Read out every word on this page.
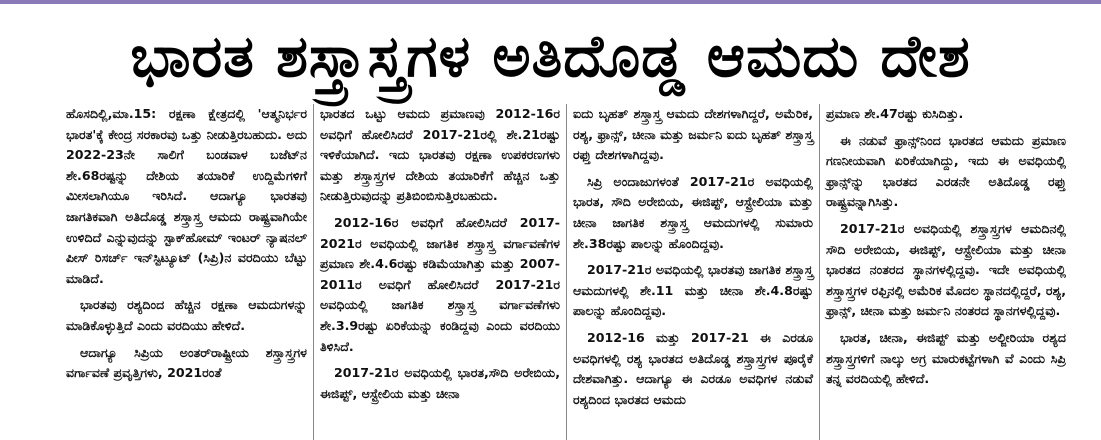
ಭಾರತ ಶಸ್ತ್ರಾಸ್ತ್ರಗಳ ಅತಿದೊಡ್ಡ ಆಮದು ದೇಶ

ಹೊಸದಿಲ್ಲಿ,ಮಾ.15: ರಕ್ಷಣಾ ಕ್ಷೇತ್ರದಲ್ಲಿ 'ಆತ್ಮನಿರ್ಭರ ಭಾರತ'ಕ್ಕೆ ಕೇಂದ್ರ ಸರಕಾರವು ಒತ್ತು ನೀಡುತ್ತಿರಬಹುದು. ಅದು 2022-23ನೇ ಸಾಲಿಗೆ ಬಂಡವಾಳ ಬಜೆಟ್‌ನ ಶೇ.68ರಷ್ಟನ್ನು ದೇಶಿಯ ತಯಾರಿಕೆ ಉದ್ದಿಮೆಗಳಿಗೆ ಮೀಸಲಾಗಿಯೂ ಇರಿಸಿದೆ. ಆದಾಗ್ಯೂ ಭಾರತವು ಜಾಗತಿಕವಾಗಿ ಅತಿದೊಡ್ಡ ಶಸ್ತ್ರಾಸ್ತ್ರ ಆಮದು ರಾಷ್ಟ್ರವಾಗಿಯೇ ಉಳಿದಿದೆ ಎನ್ನುವುದನ್ನು ಸ್ಟಾಕ್‌ಹೋಮ್ ಇಂಟರ್ ನ್ಯಾಷನಲ್ ಪೀಸ್ ರಿಸರ್ಚ್ ಇನ್‌ಸ್ಟಿಟ್ಯೂಟ್ (ಸಿಪ್ರಿ)ನ ವರದಿಯು ಬೆಟ್ಟು ಮಾಡಿದೆ.

ಭಾರತವು ರಶ್ಯದಿಂದ ಹೆಚ್ಚಿನ ರಕ್ಷಣಾ ಆಮದುಗಳನ್ನು ಮಾಡಿಕೊಳ್ಳುತ್ತಿದೆ ಎಂದು ವರದಿಯು ಹೇಳಿದೆ.

ಆದಾಗ್ಯೂ ಸಿಪ್ರಿಯ ಅಂತರ್‌ರಾಷ್ಟ್ರೀಯ ಶಸ್ತ್ರಾಸ್ತ್ರಗಳ ವರ್ಗಾವಣೆ ಪ್ರವೃತ್ತಿಗಳು, 2021ರಂತೆ

ಭಾರತದ ಒಟ್ಟು ಆಮದು ಪ್ರಮಾಣವು 2012-16ರ ಅವಧಿಗೆ ಹೋಲಿಸಿದರೆ 2017-21ರಲ್ಲಿ ಶೇ.21ರಷ್ಟು ಇಳಿಕೆಯಾಗಿದೆ. ಇದು ಭಾರತವು ರಕ್ಷಣಾ ಉಪಕರಣಗಳು ಮತ್ತು ಶಸ್ತ್ರಾಸ್ತ್ರಗಳ ದೇಶಿಯ ತಯಾರಿಕೆಗೆ ಹೆಚ್ಚಿನ ಒತ್ತು ನೀಡುತ್ತಿರುವುದನ್ನು ಪ್ರತಿಬಿಂಬಿಸುತ್ತಿರಬಹುದು.

2012-16ರ ಅವಧಿಗೆ ಹೋಲಿಸಿದರೆ 2017-2021ರ ಅವಧಿಯಲ್ಲಿ ಜಾಗತಿಕ ಶಸ್ತ್ರಾಸ್ತ್ರ ವರ್ಗಾವಣೆಗಳ ಪ್ರಮಾಣ ಶೇ.4.6ರಷ್ಟು ಕಡಿಮೆಯಾಗಿತ್ತು ಮತ್ತು 2007-2011ರ ಅವಧಿಗೆ ಹೋಲಿಸಿದರೆ 2017-21ರ ಅವಧಿಯಲ್ಲಿ ಜಾಗತಿಕ ಶಸ್ತ್ರಾಸ್ತ್ರ ವರ್ಗಾವಣೆಗಳು ಶೇ.3.9ರಷ್ಟು ಏರಿಕೆಯನ್ನು ಕಂಡಿದ್ದವು ಎಂದು ವರದಿಯು ತಿಳಿಸಿದೆ.

2017-21ರ ಅವಧಿಯಲ್ಲಿ ಭಾರತ,ಸೌದಿ ಅರೇಬಿಯ, ಈಜಿಪ್ಟ್, ಆಸ್ಟ್ರೇಲಿಯ ಮತ್ತು ಚೀನಾ

ಐದು ಬೃಹತ್ ಶಸ್ತ್ರಾಸ್ತ್ರ ಆಮದು ದೇಶಗಳಾಗಿದ್ದರೆ, ಅಮೆರಿಕ, ರಶ್ಯ, ಫ್ರಾನ್ಸ್, ಚೀನಾ ಮತ್ತು ಜರ್ಮನಿ ಐದು ಬೃಹತ್ ಶಸ್ತ್ರಾಸ್ತ್ರ ರಫ್ತು ದೇಶಗಳಾಗಿದ್ದವು.

ಸಿಪ್ರಿ ಅಂದಾಜುಗಳಂತೆ 2017-21ರ ಅವಧಿಯಲ್ಲಿ ಭಾರತ, ಸೌದಿ ಅರೇಬಿಯ, ಈಜಿಪ್ಟ್, ಆಸ್ಟ್ರೇಲಿಯಾ ಮತ್ತು ಚೀನಾ ಜಾಗತಿಕ ಶಸ್ತ್ರಾಸ್ತ್ರ ಆಮದುಗಳಲ್ಲಿ ಸುಮಾರು ಶೇ.38ರಷ್ಟು ಪಾಲನ್ನು ಹೊಂದಿದ್ದವು.

2017-21ರ ಅವಧಿಯಲ್ಲಿ ಭಾರತವು ಜಾಗತಿಕ ಶಸ್ತ್ರಾಸ್ತ್ರ ಆಮದುಗಳಲ್ಲಿ ಶೇ.11 ಮತ್ತು ಚೀನಾ ಶೇ.4.8ರಷ್ಟು ಪಾಲನ್ನು ಹೊಂದಿದ್ದವು.

2012-16 ಮತ್ತು 2017-21 ಈ ಎರಡೂ ಅವಧಿಗಳಲ್ಲಿ ರಶ್ಯ ಭಾರತದ ಅತಿದೊಡ್ಡ ಶಸ್ತ್ರಾಸ್ತ್ರಗಳ ಪೂರೈಕೆ ದೇಶವಾಗಿತ್ತು. ಆದಾಗ್ಯೂ ಈ ಎರಡೂ ಅವಧಿಗಳ ನಡುವೆ ರಶ್ಯದಿಂದ ಭಾರತದ ಆಮದು

ಪ್ರಮಾಣ ಶೇ.47ರಷ್ಟು ಕುಸಿದಿತ್ತು.

ಈ ನಡುವೆ ಫ್ರಾನ್ಸ್‌ನಿಂದ ಭಾರತದ ಆಮದು ಪ್ರಮಾಣ ಗಣನೀಯವಾಗಿ ಏರಿಕೆಯಾಗಿದ್ದು, ಇದು ಈ ಅವಧಿಯಲ್ಲಿ ಫ್ರಾನ್ಸ್‌ನ್ನು ಭಾರತದ ಎರಡನೇ ಅತಿದೊಡ್ಡ ರಫ್ತು ರಾಷ್ಟ್ರವನ್ನಾಗಿಸಿತ್ತು.

2017-21ರ ಅವಧಿಯಲ್ಲಿ ಶಸ್ತ್ರಾಸ್ತ್ರಗಳ ಆಮದಿನಲ್ಲಿ ಸೌದಿ ಅರೇಬಿಯ, ಈಜಿಪ್ಟ್, ಆಸ್ಟ್ರೇಲಿಯಾ ಮತ್ತು ಚೀನಾ ಭಾರತದ ನಂತರದ ಸ್ಥಾನಗಳಲ್ಲಿದ್ದವು. ಇದೇ ಅವಧಿಯಲ್ಲಿ ಶಸ್ತ್ರಾಸ್ತ್ರಗಳ ರಫ್ತಿನಲ್ಲಿ ಅಮೆರಿಕ ಮೊದಲ ಸ್ಥಾನದಲ್ಲಿದ್ದರೆ, ರಶ್ಯ, ಫ್ರಾನ್ಸ್, ಚೀನಾ ಮತ್ತು ಜರ್ಮನಿ ನಂತರದ ಸ್ಥಾನಗಳಲ್ಲಿದ್ದವು.

ಭಾರತ, ಚೀನಾ, ಈಜಿಪ್ಟ್ ಮತ್ತು ಅಲ್ಜೀರಿಯಾ ರಶ್ಯದ ಶಸ್ತ್ರಾಸ್ತ್ರಗಳಿಗೆ ನಾಲ್ಕು ಅಗ್ರ ಮಾರುಕಟ್ಟೆಗಳಾಗಿ ವೆ ಎಂದು ಸಿಪ್ರಿ ತನ್ನ ವರದಿಯಲ್ಲಿ ಹೇಳಿದೆ.
